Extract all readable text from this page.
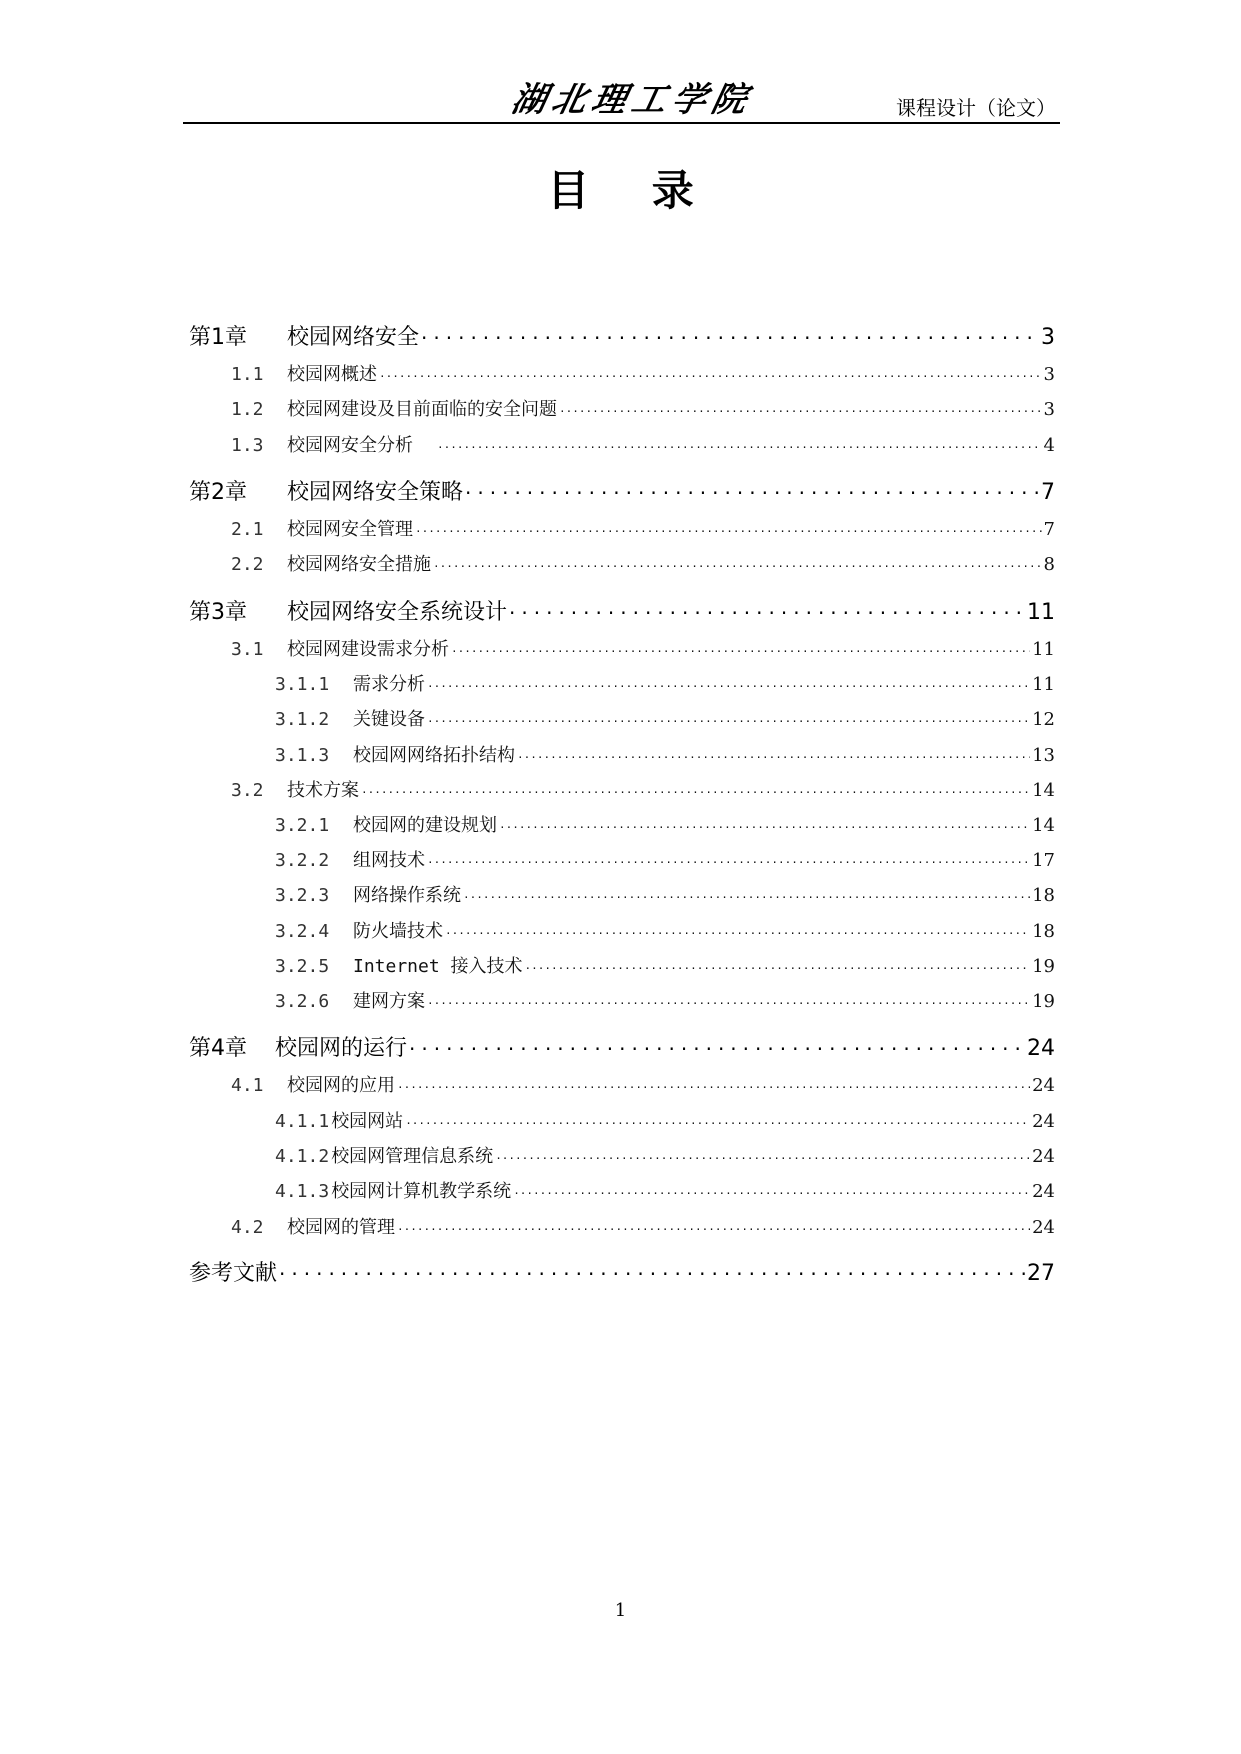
湖北理工学院	课程设计（论文）
目 录
第1章	校园网络安全 .....	3
1.1	校园网概述 .....	3
1.2	校园网建设及目前面临的安全问题 .....	3
1.3	校园网安全分析 .....	4
第2章	校园网络安全策略 .....	7
2.1	校园网安全管理 .....	7
2.2	校园网络安全措施 .....	8
第3章	校园网络安全系统设计 .....	11
3.1	校园网建设需求分析 .....	11
3.1.1	需求分析 .....	11
3.1.2	关键设备 .....	12
3.1.3	校园网网络拓扑结构 .....	13
3.2	技术方案 .....	14
3.2.1	校园网的建设规划 .....	14
3.2.2	组网技术 .....	17
3.2.3	网络操作系统 .....	18
3.2.4	防火墙技术 .....	18
3.2.5	Internet 接入技术 .....	19
3.2.6	建网方案 .....	19
第4章	校园网的运行 .....	24
4.1	校园网的应用 .....	24
4.1.1 校园网站 .....	24
4.1.2 校园网管理信息系统 .....	24
4.1.3 校园网计算机教学系统 .....	24
4.2	校园网的管理 .....	24
参考文献 .....	27
1
